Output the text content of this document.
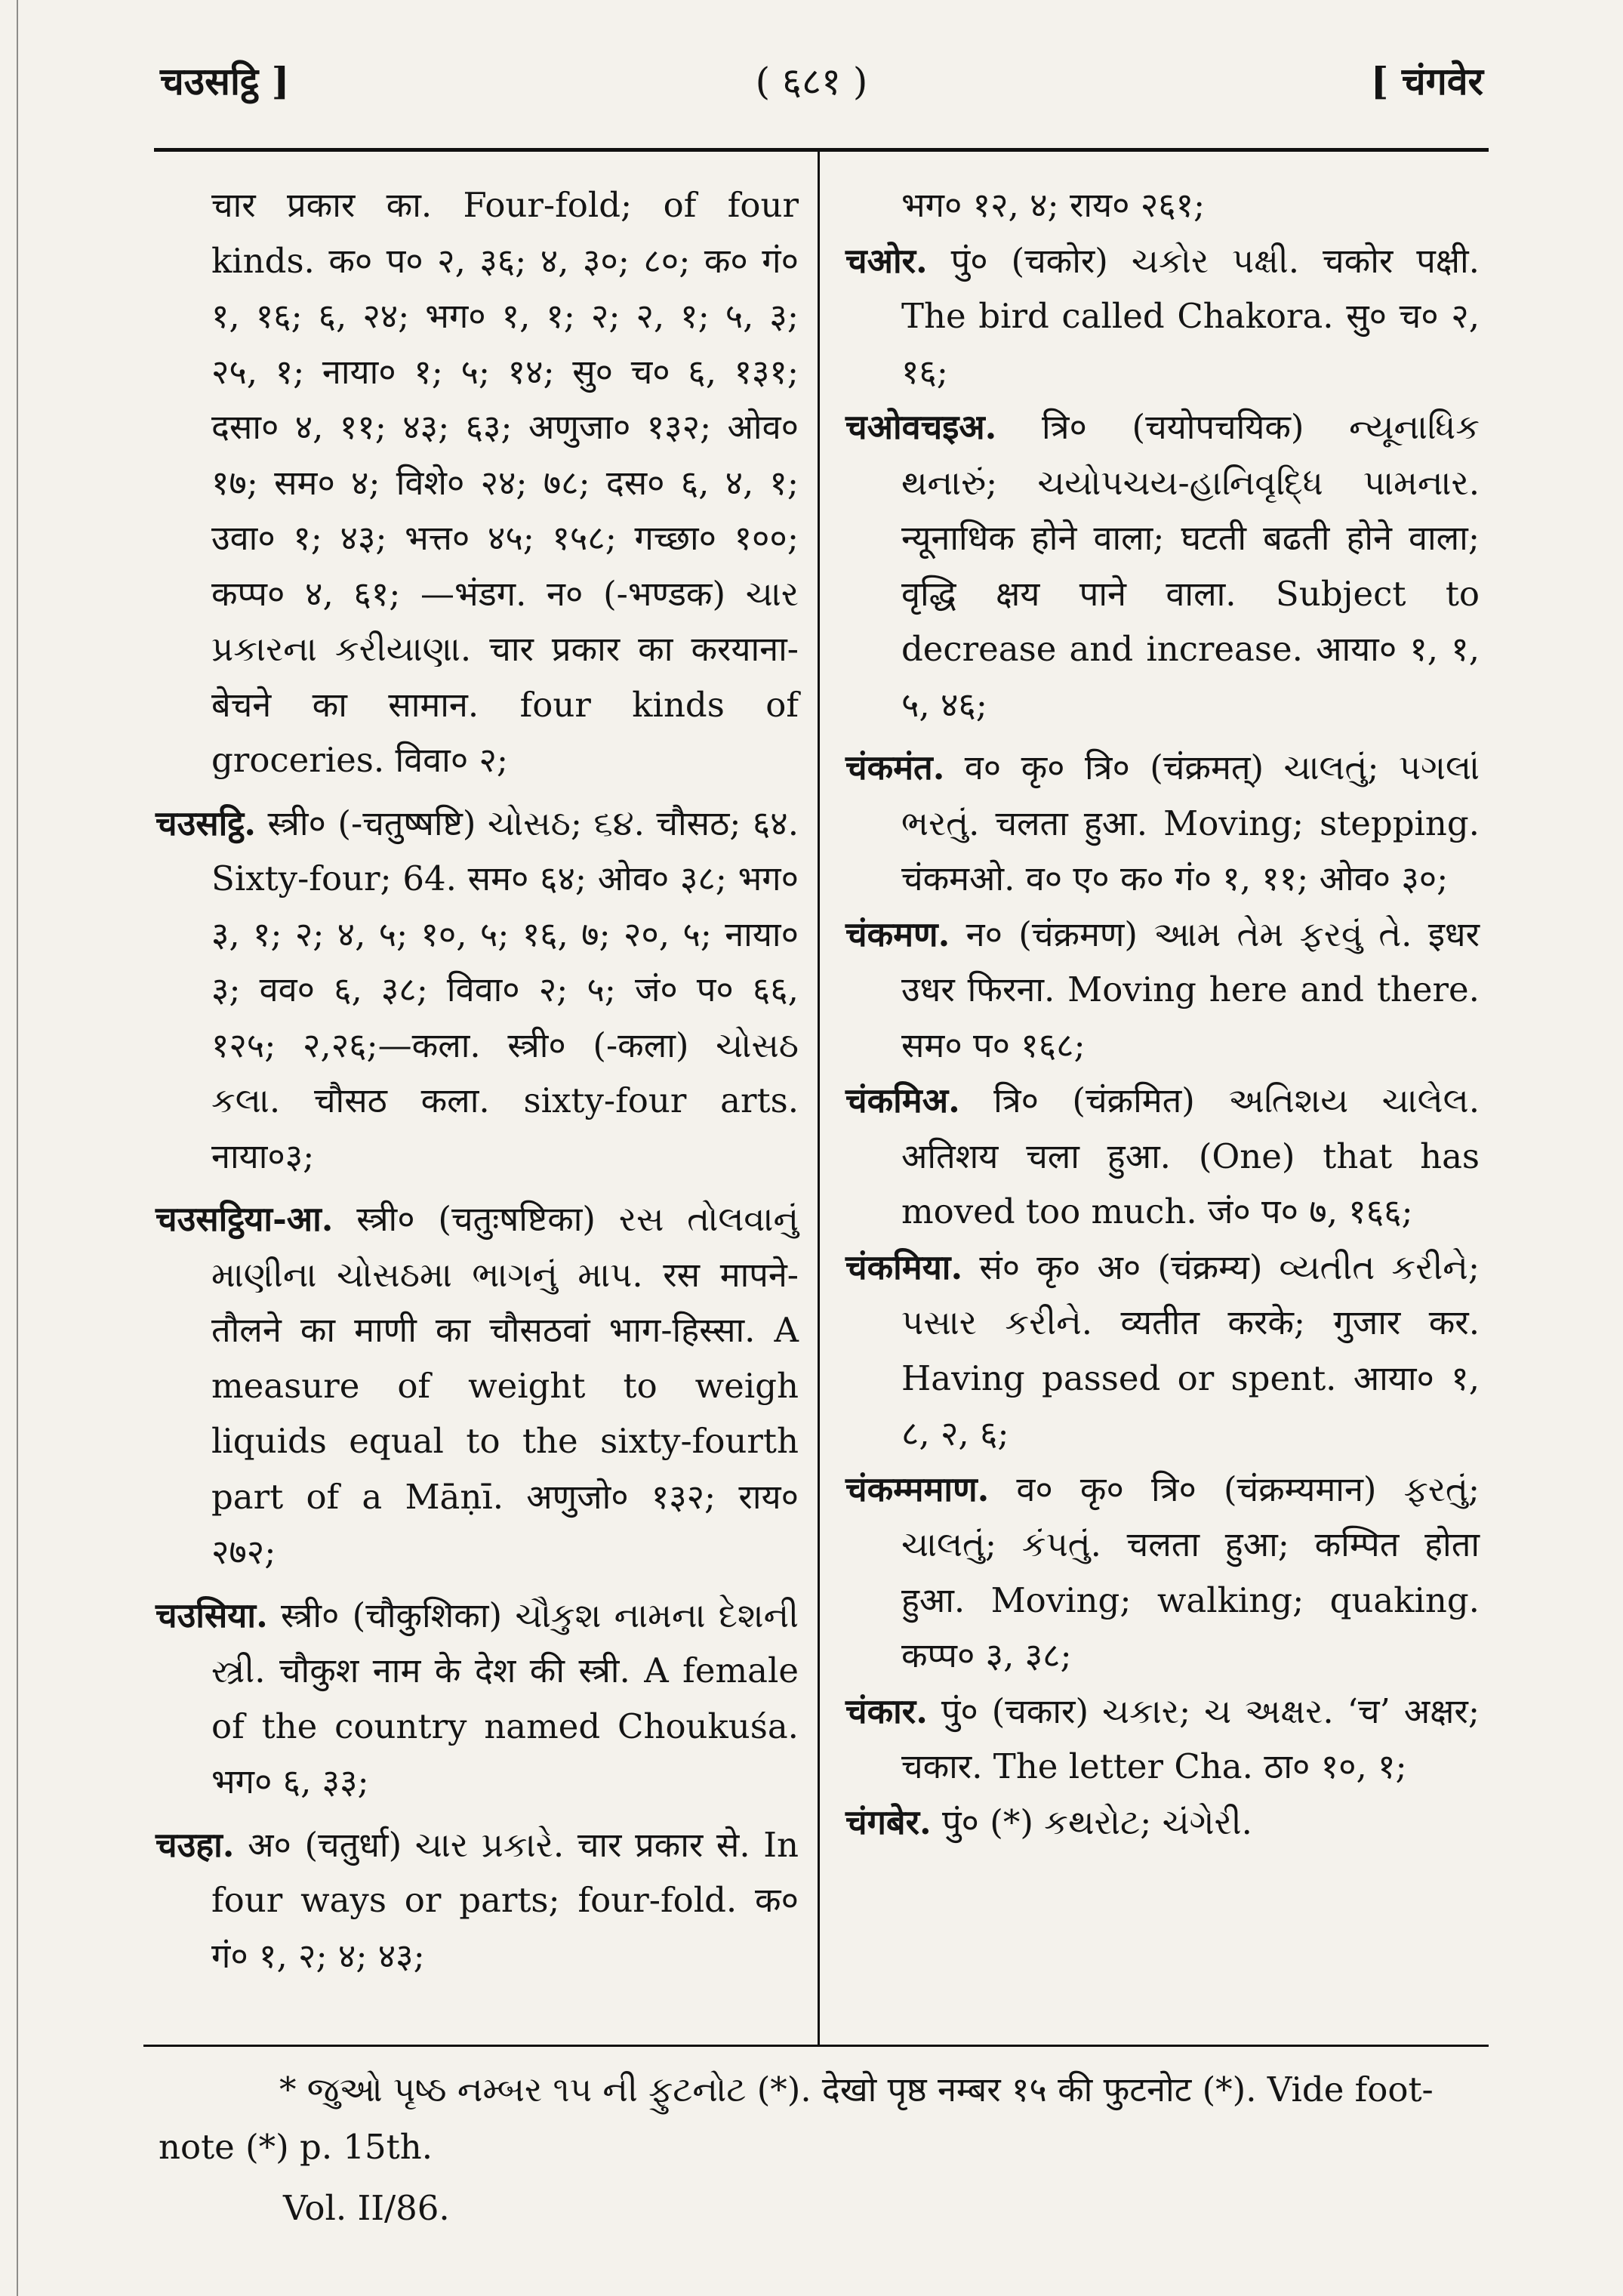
चउसट्ठि ]	( ६८१ )	[ चंगवेर

चार प्रकार का. Four-fold; of four kinds. क० प० २, ३६; ४, ३०; ८०; क० गं० १, १६; ६, २४; भग० १, १; २; २, १; ५, ३; २५, १; नाया० १; ५; १४; सु० च० ६, १३१; दसा० ४, ११; ४३; ६३; अणुजा० १३२; ओव० १७; सम० ४; विशे० २४; ७८; दस० ६, ४, १; उवा० १; ४३; भत्त० ४५; १५८; गच्छा० १००; कप्प० ४, ६१; —भंडग. न० (-भण्डक) ચાર પ્રકારના કરીયાણા. चार प्रकार का करयाना-बेचने का सामान. four kinds of groceries. विवा० २;

चउसट्ठि. स्त्री० (-चतुष्षष्टि) ચોસઠ; ૬૪. चौसठ; ६४. Sixty-four; 64. सम० ६४; ओव० ३८; भग० ३, १; २; ४, ५; १०, ५; १६, ७; २०, ५; नाया० ३; वव० ६, ३८; विवा० २; ५; जं० प० ६६, १२५; २,२६;—कला. स्त्री० (-कला) ચોસઠ કલા. चौसठ कला. sixty-four arts. नाया०३;

चउसट्ठिया-आ. स्त्री० (चतुःषष्टिका) રસ તોલવાનું માણીના ચોસઠમા ભાગનું માપ. रस मापने-तौलने का माणी का चौसठवां भाग-हिस्सा. A measure of weight to weigh liquids equal to the sixty-fourth part of a Māṇī. अणुजो० १३२; राय० २७२;

चउसिया. स्त्री० (चौकुशिका) ચૌકુશ નામના દેશની સ્ત્રી. चौकुश नाम के देश की स्त्री. A female of the country named Choukuśa. भग० ६, ३३;

चउहा. अ० (चतुर्धा) ચાર પ્રકારે. चार प्रकार से. In four ways or parts; four-fold. क० गं० १, २; ४; ४३;

भग० १२, ४; राय० २६१;

चओर. पुं० (चकोर) ચકોર પક્ષી. चकोर पक्षी. The bird called Chakora. सु० च० २, १६;

चओवचइअ. त्रि० (चयोपचयिक) ન્યૂનાધિક થનારું; ચયોપચય-હાનિવૃદ્ધિ પામનાર. न्यूनाधिक होने वाला; घटती बढती होने वाला; वृद्धि क्षय पाने वाला. Subject to decrease and increase. आया० १, १, ५, ४६;

चंकमंत. व० कृ० त्रि० (चंक्रमत्) ચાલતું; પગલાં ભરતું. चलता हुआ. Moving; stepping. चंकमओ. व० ए० क० गं० १, ११; ओव० ३०;

चंकमण. न० (चंक्रमण) આમ તેમ ફરવું તે. इधर उधर फिरना. Moving here and there. सम० प० १६८;

चंकमिअ. त्रि० (चंक्रमित) અતિશય ચાલેલ. अतिशय चला हुआ. (One) that has moved too much. जं० प० ७, १६६;

चंकमिया. सं० कृ० अ० (चंक्रम्य) વ્યતીત કરીને; પસાર કરીને. व्यतीत करके; गुजार कर. Having passed or spent. आया० १, ८, २, ६;

चंकम्ममाण. व० कृ० त्रि० (चंक्रम्यमान) ફરતું; ચાલતું; કંપતું. चलता हुआ; कम्पित होता हुआ. Moving; walking; quaking. कप्प० ३, ३८;

चंकार. पुं० (चकार) ચકાર; ચ અક્ષર. ‘च’ अक्षर; चकार. The letter Cha. ठा० १०, १;

चंगबेर. पुं० (*) કથરોટ; ચંગેરી.

* જુઓ પૃષ્ઠ નમ્બર ૧૫ ની ફુટનોટ (*). देखो पृष्ठ नम्बर १५ की फुटनोट (*). Vide foot-note (*) p. 15th.

Vol. II/86.
